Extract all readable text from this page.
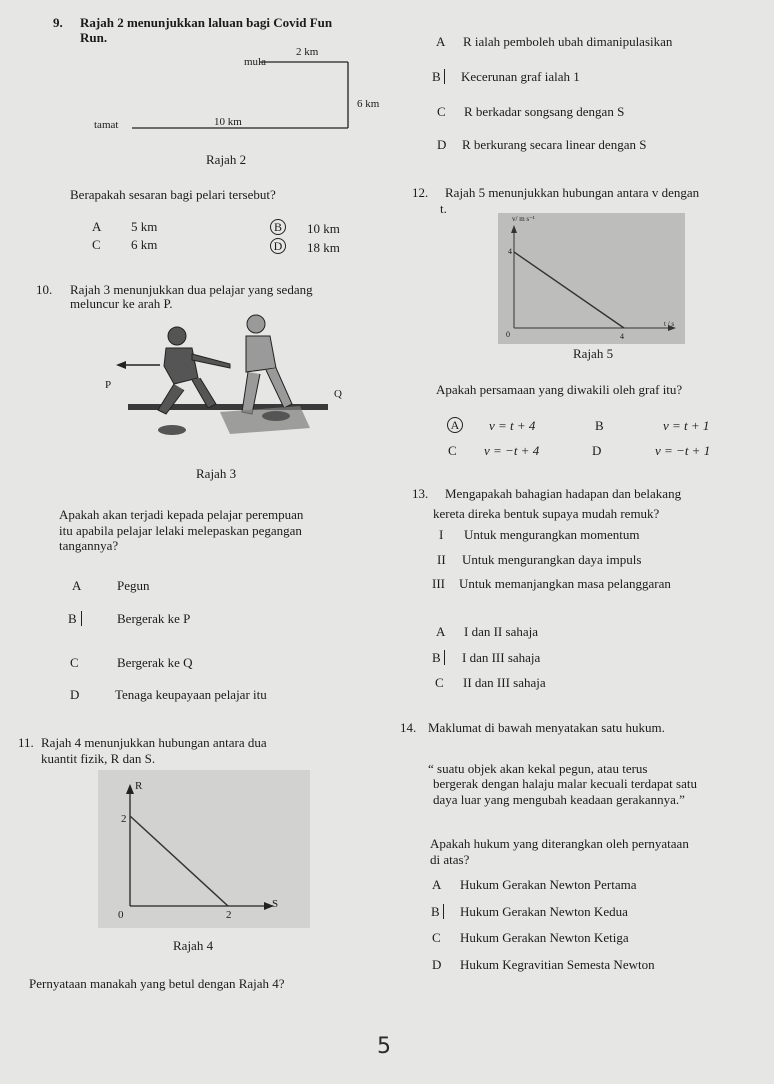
9. Rajah 2 menunjukkan laluan bagi Covid Fun
Run.
mula
2 km
6 km
tamat	10 km
Rajah 2
Berapakah sesaran bagi pelari tersebut?
A 5 km	B	10 km
C 6 km	D 18 km
10. Rajah 3 menunjukkan dua pelajar yang sedang
meluncur ke arah P.
P
Q
Rajah 3
Apakah akan terjadi kepada pelajar perempuan
itu apabila pelajar lelaki melepaskan pegangan
tangannya?
A	Pegun
B	Bergerak ke P
C	Bergerak ke Q
D	Tenaga keupayaan pelajar itu
11. Rajah 4 menunjukkan hubungan antara dua
kuantit fizik, R dan S.
R
2
S
2
0
Rajah 4
Pernyataan manakah yang betul dengan Rajah 4?
A R ialah pemboleh ubah dimanipulasikan
B	Kecerunan graf ialah 1
C R berkadar songsang dengan S
D R berkurang secara linear dengan S
12. Rajah 5 menunjukkan hubungan antara v dengan
t.
v/ m s⁻¹
4
t / s
4
0
Rajah 5
Apakah persamaan yang diwakili oleh graf itu?
A v = t + 4	B	v = t + 1
C v = −t + 4	D	v = −t + 1
13. Mengapakah bahagian hadapan dan belakang
kereta direka bentuk supaya mudah remuk?
I Untuk mengurangkan momentum
II Untuk mengurangkan daya impuls
III Untuk memanjangkan masa pelanggaran
A I dan II sahaja
B	I dan III sahaja
C II dan III sahaja
14. Maklumat di bawah menyatakan satu hukum.
“ suatu objek akan kekal pegun, atau terus
bergerak dengan halaju malar kecuali terdapat satu
daya luar yang mengubah keadaan gerakannya.”
Apakah hukum yang diterangkan oleh pernyataan
di atas?
A Hukum Gerakan Newton Pertama
B	Hukum Gerakan Newton Kedua
C Hukum Gerakan Newton Ketiga
D Hukum Kegravitian Semesta Newton
5
